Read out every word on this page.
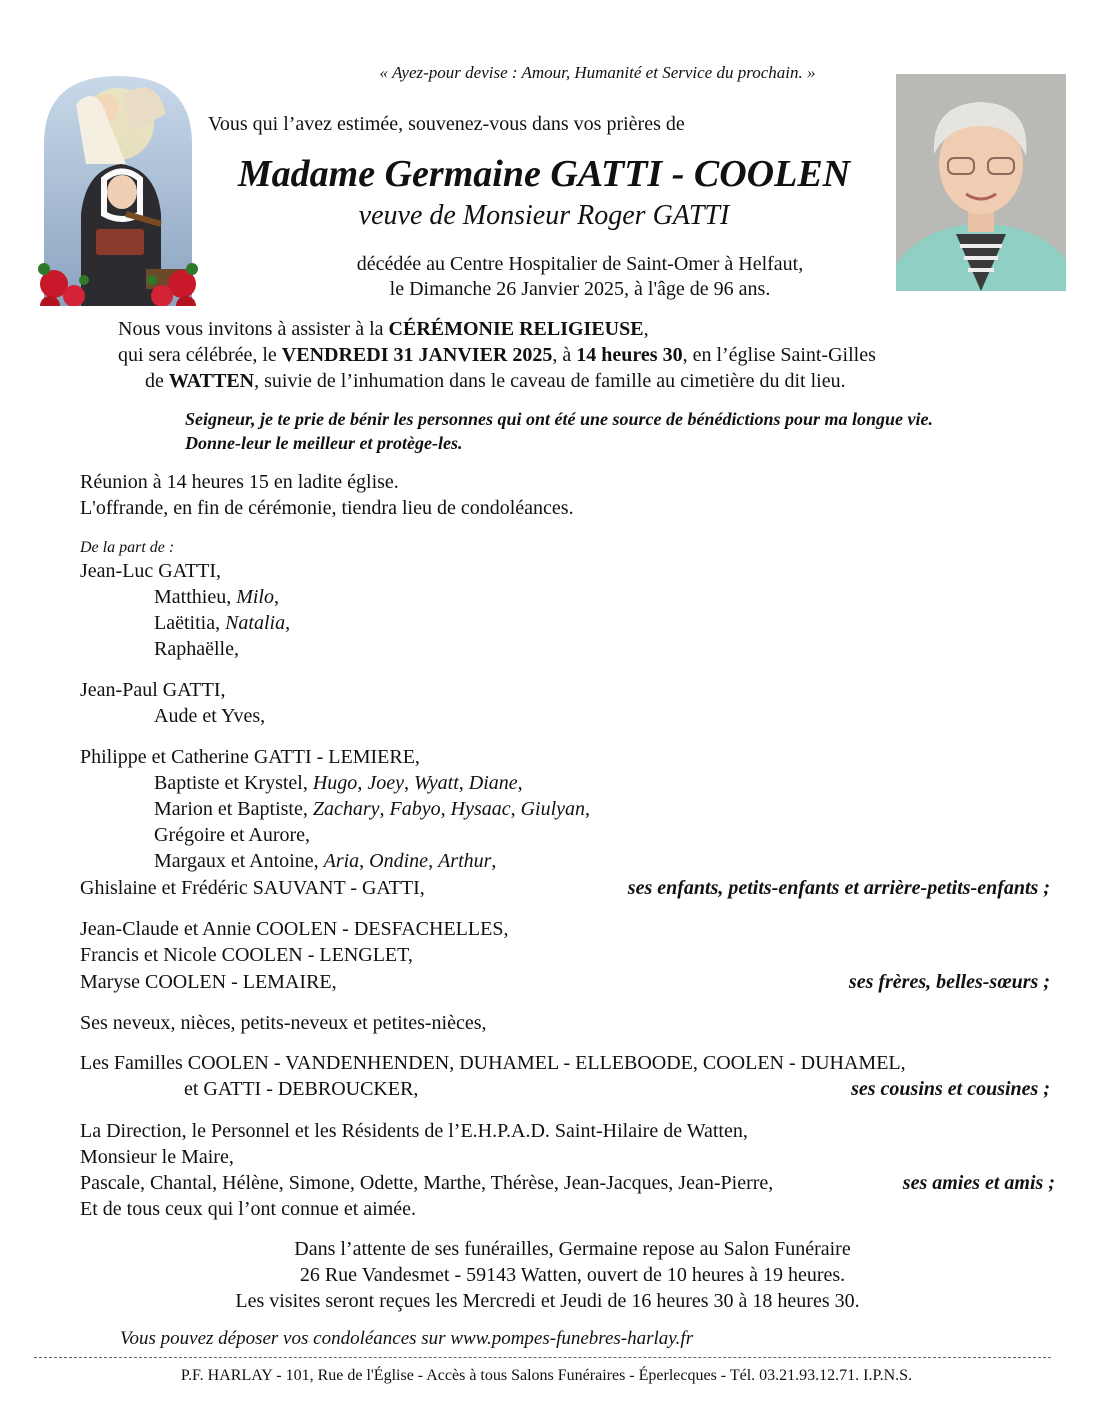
« Ayez-pour devise : Amour, Humanité et Service du prochain. »
Vous qui l’avez estimée, souvenez-vous dans vos prières de
Madame Germaine GATTI - COOLEN
veuve de Monsieur Roger GATTI
décédée au Centre Hospitalier de Saint-Omer à Helfaut,
le Dimanche 26 Janvier 2025, à l'âge de 96 ans.
Nous vous invitons à assister à la CÉRÉMONIE RELIGIEUSE,
qui sera célébrée, le VENDREDI 31 JANVIER 2025, à 14 heures 30, en l’église Saint-Gilles
de WATTEN, suivie de l’inhumation dans le caveau de famille au cimetière du dit lieu.
Seigneur, je te prie de bénir les personnes qui ont été une source de bénédictions pour ma longue vie.
Donne-leur le meilleur et protège-les.
Réunion à 14 heures 15 en ladite église.
L'offrande, en fin de cérémonie, tiendra lieu de condoléances.
De la part de :
Jean-Luc GATTI,
Matthieu, Milo,
Laëtitia, Natalia,
Raphaëlle,
Jean-Paul GATTI,
Aude et Yves,
Philippe et Catherine GATTI - LEMIERE,
Baptiste et Krystel, Hugo, Joey, Wyatt, Diane,
Marion et Baptiste, Zachary, Fabyo, Hysaac, Giulyan,
Grégoire et Aurore,
Margaux et Antoine, Aria, Ondine, Arthur,
Ghislaine et Frédéric SAUVANT - GATTI,	ses enfants, petits-enfants et arrière-petits-enfants ;
Jean-Claude et Annie COOLEN - DESFACHELLES,
Francis et Nicole COOLEN - LENGLET,
Maryse COOLEN - LEMAIRE,	ses frères, belles-sœurs ;
Ses neveux, nièces, petits-neveux et petites-nièces,
Les Familles COOLEN - VANDENHENDEN, DUHAMEL - ELLEBOODE, COOLEN - DUHAMEL,
et GATTI - DEBROUCKER,	ses cousins et cousines ;
La Direction, le Personnel et les Résidents de l’E.H.P.A.D. Saint-Hilaire de Watten,
Monsieur le Maire,
Pascale, Chantal, Hélène, Simone, Odette, Marthe, Thérèse, Jean-Jacques, Jean-Pierre,	ses amies et amis ;
Et de tous ceux qui l’ont connue et aimée.
Dans l’attente de ses funérailles, Germaine repose au Salon Funéraire
26 Rue Vandesmet - 59143 Watten, ouvert de 10 heures à 19 heures.
Les visites seront reçues les Mercredi et Jeudi de 16 heures 30 à 18 heures 30.
Vous pouvez déposer vos condoléances sur www.pompes-funebres-harlay.fr
P.F. HARLAY - 101, Rue de l'Église - Accès à tous Salons Funéraires - Éperlecques - Tél. 03.21.93.12.71. I.P.N.S.
